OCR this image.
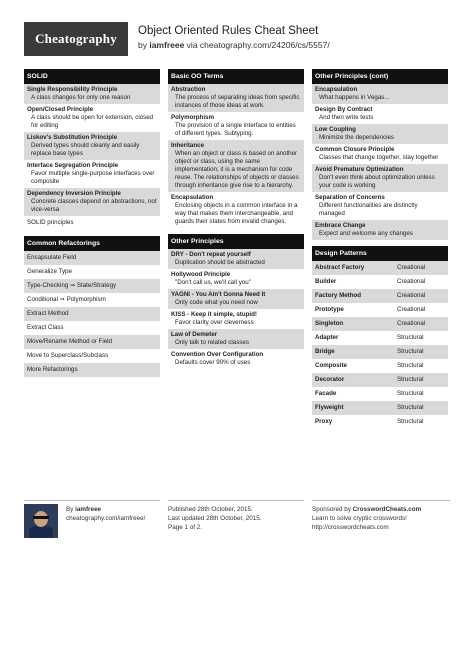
Cheatography	Object Oriented Rules Cheat Sheet
by iamfreee via cheatography.com/24206/cs/5557/
SOLID
Single Responsibility Principle
A class changes for only one reason
Open/Closed Principle
A class should be open for extension, closed for editing
Liskov's Substitution Principle
Derived types should cleanly and easily replace base types
Interface Segregation Principle
Favor multiple single-purpose interfaces over composite
Dependency Inversion Principle
Concrete classes depend on abstractions, not vice-versa
SOLID principles
Common Refactorings
Encapsulate Field
Generalize Type
Type-Checking ⇒ State/Strategy
Conditional ⇒ Polymorphism
Extract Method
Extract Class
Move/Rename Method or Field
Move to Superclass/Subclass
More Refactorings
Basic OO Terms
Abstraction
The process of separating ideas from specific instances of those ideas at work.
Polymorphism
The provision of a single interface to entities of different types. Subtyping.
Inheritance
When an object or class is based on another object or class, using the same implementation; it is a mechanism for code reuse. The relationships of objects or classes through inheritance give rise to a hierarchy.
Encapsulation
Enclosing objects in a common interface in a way that makes them interchangeable, and guards their states from invalid changes.
Other Principles
DRY - Don't repeat yourself
Duplication should be abstracted
Hollywood Principle
"Don't call us, we'll call you"
YAGNI - You Ain't Gonna Need It
Only code what you need now
KISS - Keep it simple, stupid!
Favor clarity over cleverness
Law of Demeter
Only talk to related classes
Convention Over Configuration
Defaults cover 90% of uses
Other Principles (cont)
Encapsulation
What happens in Vegas...
Design By Contract
And then write tests
Low Coupling
Minimize the dependencies
Common Closure Principle
Classes that change together, stay together
Avoid Premature Optimization
Don't even think about optimization unless your code is working
Separation of Concerns
Different functionalities are distinctly managed
Embrace Change
Expect and welcome any changes
Design Patterns
Abstract Factory	Creational
Builder	Creational
Factory Method	Creational
Prototype	Creational
Singleton	Creational
Adapter	Structural
Bridge	Structural
Composite	Structural
Decorator	Structural
Facade	Structural
Flyweight	Structural
Proxy	Structural
By iamfreee
cheatography.com/iamfreee/
Published 28th October, 2015.
Last updated 28th October, 2015.
Page 1 of 2.
Sponsored by CrosswordCheats.com
Learn to solve cryptic crosswords!
http://crosswordcheats.com
